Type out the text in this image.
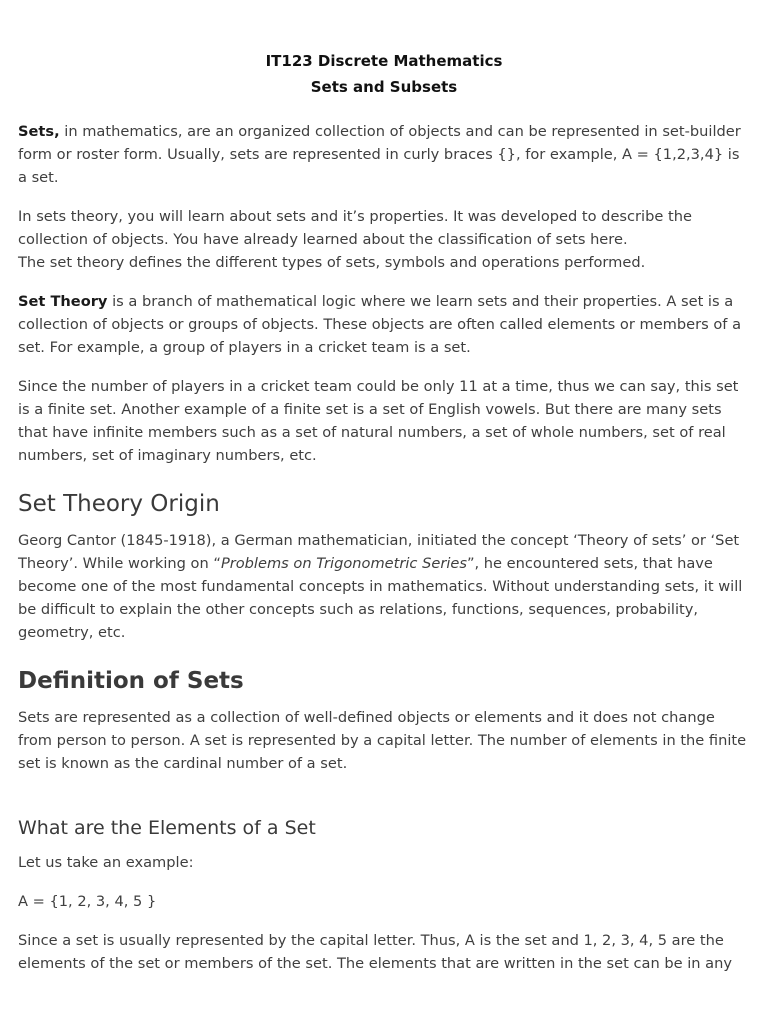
IT123 Discrete Mathematics
Sets and Subsets

Sets, in mathematics, are an organized collection of objects and can be represented in set-builder form or roster form. Usually, sets are represented in curly braces {}, for example, A = {1,2,3,4} is a set.

In sets theory, you will learn about sets and it’s properties. It was developed to describe the collection of objects. You have already learned about the classification of sets here.
The set theory defines the different types of sets, symbols and operations performed.

Set Theory is a branch of mathematical logic where we learn sets and their properties. A set is a collection of objects or groups of objects. These objects are often called elements or members of a set. For example, a group of players in a cricket team is a set.

Since the number of players in a cricket team could be only 11 at a time, thus we can say, this set is a finite set. Another example of a finite set is a set of English vowels. But there are many sets that have infinite members such as a set of natural numbers, a set of whole numbers, set of real numbers, set of imaginary numbers, etc.

Set Theory Origin

Georg Cantor (1845-1918), a German mathematician, initiated the concept ‘Theory of sets’ or ‘Set Theory’. While working on “Problems on Trigonometric Series”, he encountered sets, that have become one of the most fundamental concepts in mathematics. Without understanding sets, it will be difficult to explain the other concepts such as relations, functions, sequences, probability, geometry, etc.

Definition of Sets

Sets are represented as a collection of well-defined objects or elements and it does not change from person to person. A set is represented by a capital letter. The number of elements in the finite set is known as the cardinal number of a set.

What are the Elements of a Set

Let us take an example:

A = {1, 2, 3, 4, 5 }

Since a set is usually represented by the capital letter. Thus, A is the set and 1, 2, 3, 4, 5 are the elements of the set or members of the set. The elements that are written in the set can be in any
